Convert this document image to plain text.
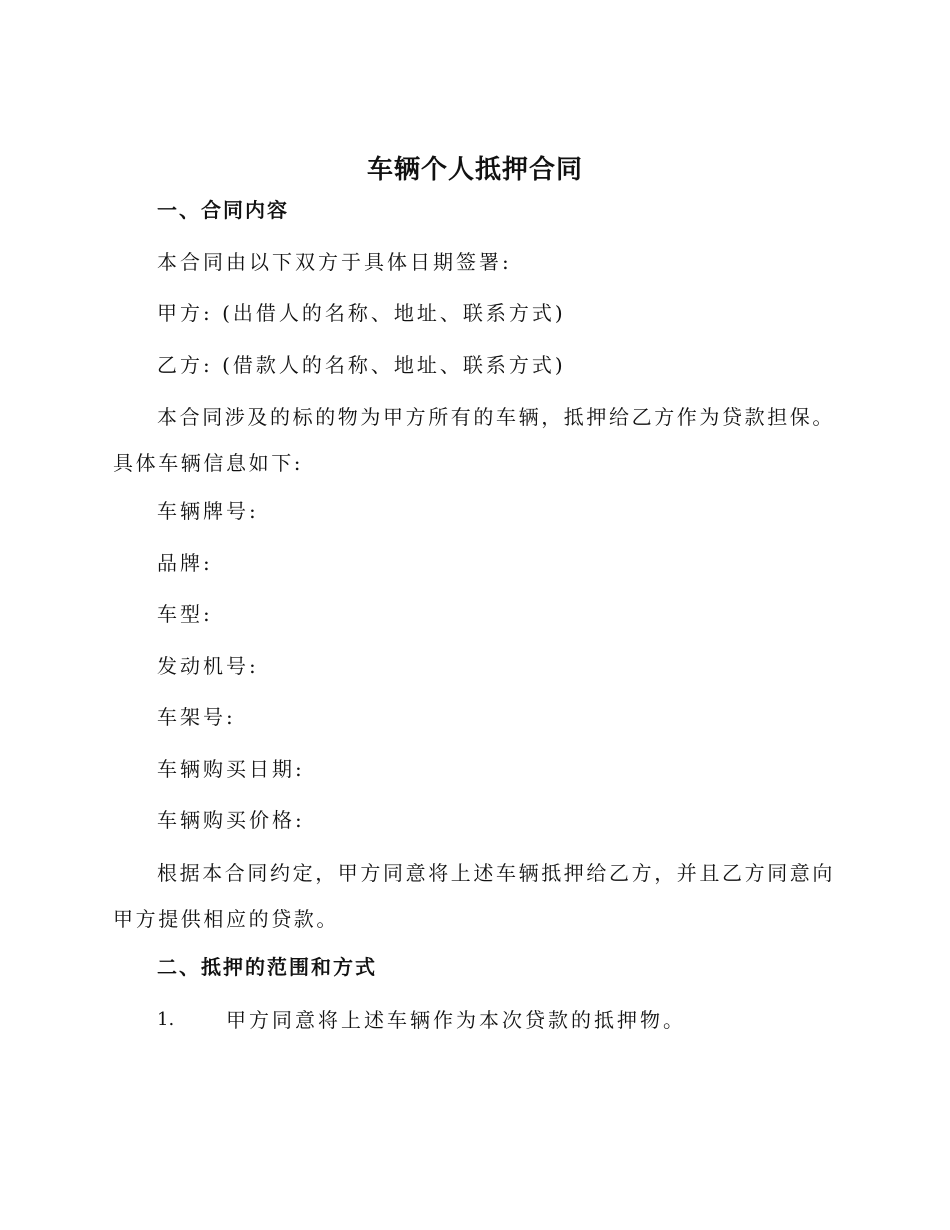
车辆个人抵押合同
一、合同内容

本合同由以下双方于具体日期签署:

甲方: (出借人的名称、地址、联系方式)

乙方: (借款人的名称、地址、联系方式)

本合同涉及的标的物为甲方所有的车辆，抵押给乙方作为贷款担保。具体车辆信息如下:

车辆牌号:

品牌:

车型:

发动机号:

车架号:

车辆购买日期:

车辆购买价格:

根据本合同约定，甲方同意将上述车辆抵押给乙方，并且乙方同意向甲方提供相应的贷款。

二、抵押的范围和方式

1.	甲方同意将上述车辆作为本次贷款的抵押物。
